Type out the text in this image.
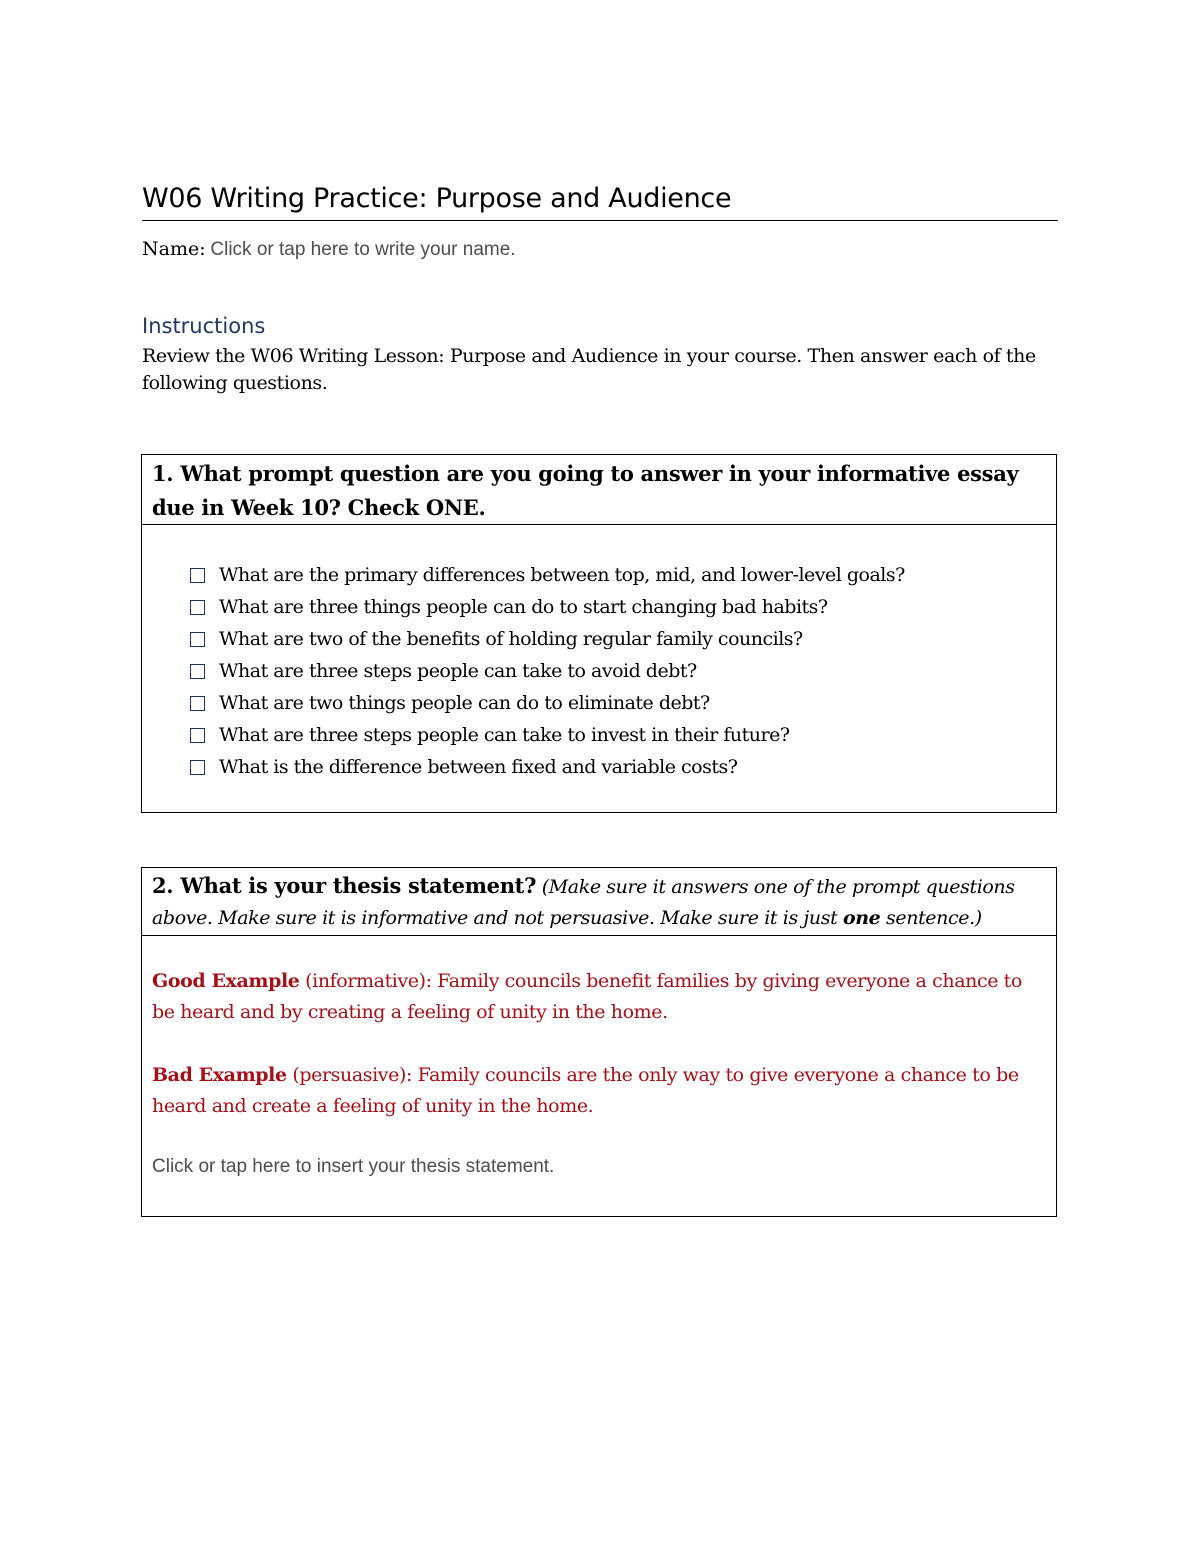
W06 Writing Practice: Purpose and Audience
Name: Click or tap here to write your name.
Instructions
Review the W06 Writing Lesson: Purpose and Audience in your course. Then answer each of the following questions.
1. What prompt question are you going to answer in your informative essay due in Week 10? Check ONE.
What are the primary differences between top, mid, and lower-level goals?
What are three things people can do to start changing bad habits?
What are two of the benefits of holding regular family councils?
What are three steps people can take to avoid debt?
What are two things people can do to eliminate debt?
What are three steps people can take to invest in their future?
What is the difference between fixed and variable costs?
2. What is your thesis statement? (Make sure it answers one of the prompt questions above. Make sure it is informative and not persuasive. Make sure it is just one sentence.)
Good Example (informative): Family councils benefit families by giving everyone a chance to be heard and by creating a feeling of unity in the home.
Bad Example (persuasive): Family councils are the only way to give everyone a chance to be heard and create a feeling of unity in the home.
Click or tap here to insert your thesis statement.
